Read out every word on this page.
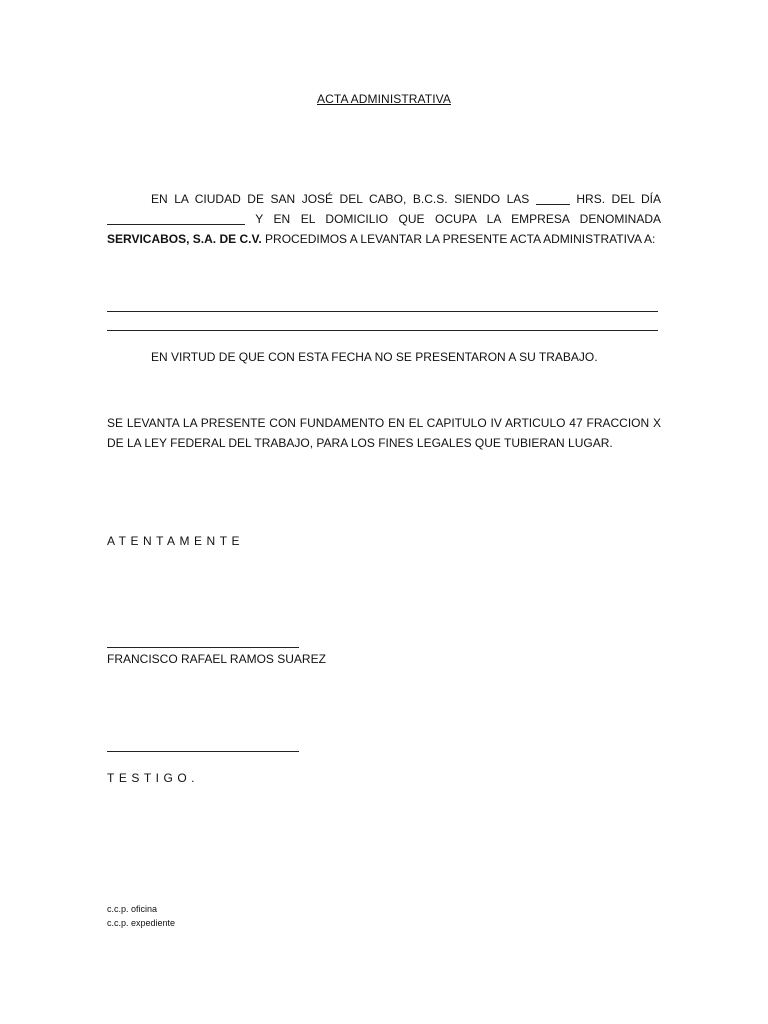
ACTA ADMINISTRATIVA
EN LA CIUDAD DE SAN JOSÉ DEL CABO, B.C.S. SIENDO LAS	HRS. DEL DÍA  Y EN EL DOMICILIO QUE OCUPA LA EMPRESA DENOMINADA SERVICABOS, S.A. DE C.V. PROCEDIMOS A LEVANTAR LA PRESENTE ACTA ADMINISTRATIVA A:
EN VIRTUD DE QUE CON ESTA FECHA NO SE PRESENTARON A SU TRABAJO.
SE LEVANTA LA PRESENTE CON FUNDAMENTO EN EL CAPITULO IV ARTICULO 47 FRACCION X DE LA LEY FEDERAL DEL TRABAJO, PARA LOS FINES LEGALES QUE TUBIERAN LUGAR.
ATENTAMENTE
FRANCISCO RAFAEL RAMOS SUAREZ
TESTIGO.
c.c.p. oficina
c.c.p. expediente
